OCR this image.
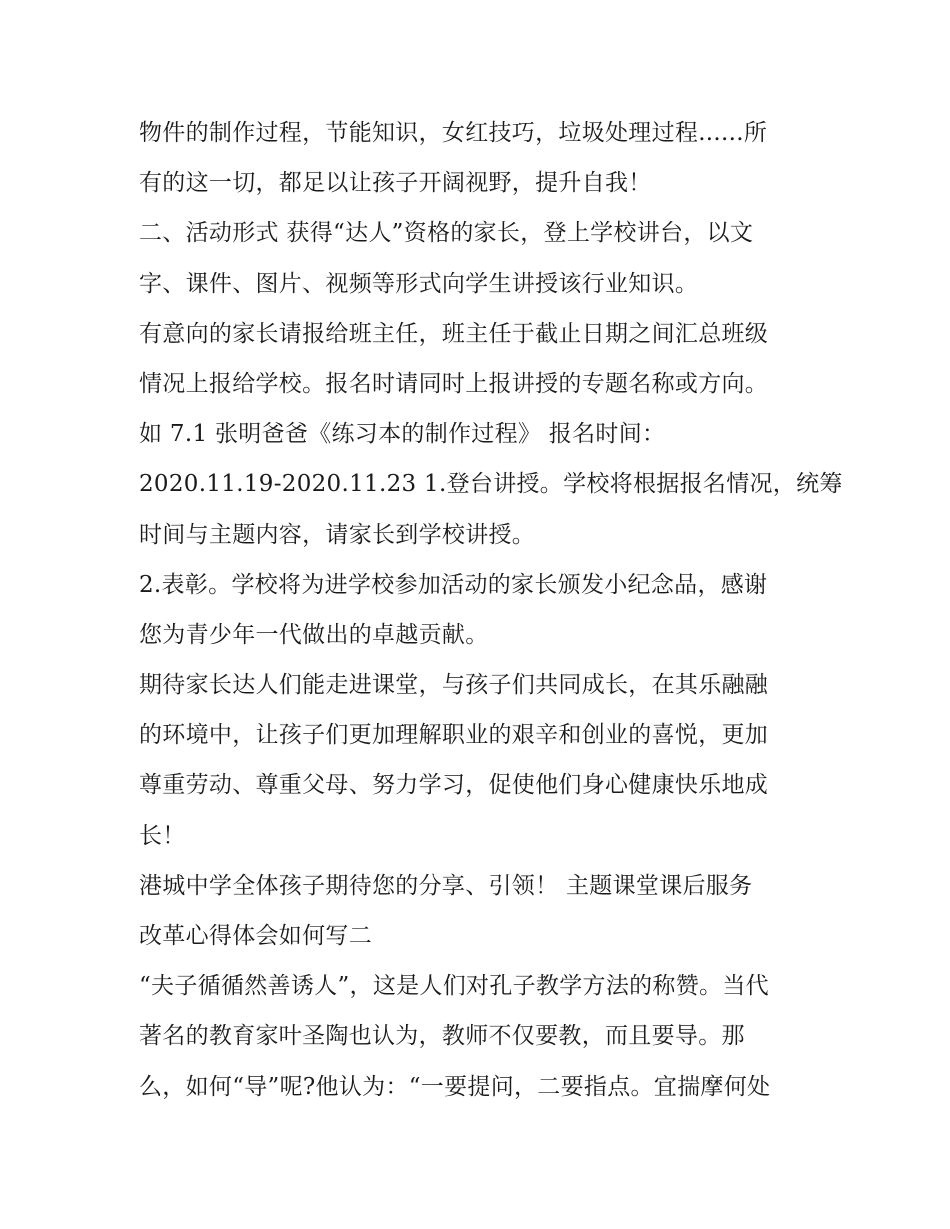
物件的制作过程，节能知识，女红技巧，垃圾处理过程......所
有的这一切，都足以让孩子开阔视野，提升自我！
二、活动形式 获得“达人”资格的家长，登上学校讲台，以文
字、课件、图片、视频等形式向学生讲授该行业知识。
有意向的家长请报给班主任，班主任于截止日期之间汇总班级
情况上报给学校。报名时请同时上报讲授的专题名称或方向。
如 7.1 张明爸爸《练习本的制作过程》 报名时间：
2020.11.19-2020.11.23 1.登台讲授。学校将根据报名情况，统筹
时间与主题内容，请家长到学校讲授。
2.表彰。学校将为进学校参加活动的家长颁发小纪念品，感谢
您为青少年一代做出的卓越贡献。
期待家长达人们能走进课堂，与孩子们共同成长，在其乐融融
的环境中，让孩子们更加理解职业的艰辛和创业的喜悦，更加
尊重劳动、尊重父母、努力学习，促使他们身心健康快乐地成
长！
港城中学全体孩子期待您的分享、引领！ 主题课堂课后服务
改革心得体会如何写二
“夫子循循然善诱人”，这是人们对孔子教学方法的称赞。当代
著名的教育家叶圣陶也认为，教师不仅要教，而且要导。那
么，如何“导”呢?他认为：“一要提问，二要指点。宜揣摩何处
